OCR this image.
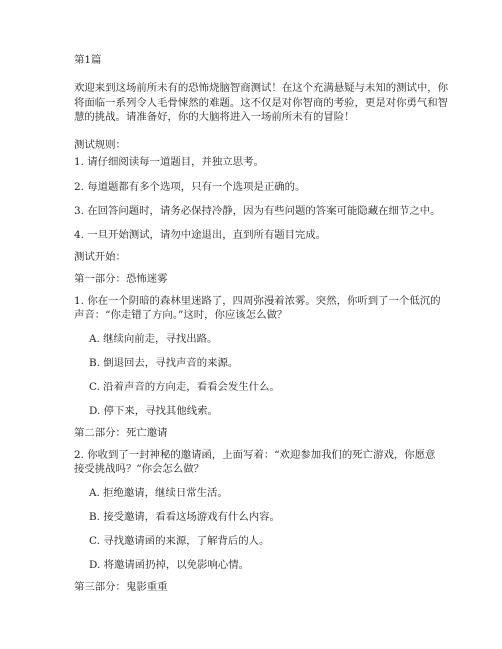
第1篇
欢迎来到这场前所未有的恐怖烧脑智商测试！在这个充满悬疑与未知的测试中，你
将面临一系列令人毛骨悚然的难题。这不仅是对你智商的考验，更是对你勇气和智
慧的挑战。请准备好，你的大脑将进入一场前所未有的冒险！
测试规则：
1. 请仔细阅读每一道题目，并独立思考。
2. 每道题都有多个选项，只有一个选项是正确的。
3. 在回答问题时，请务必保持冷静，因为有些问题的答案可能隐藏在细节之中。
4. 一旦开始测试，请勿中途退出，直到所有题目完成。
测试开始：
第一部分：恐怖迷雾
1. 你在一个阴暗的森林里迷路了，四周弥漫着浓雾。突然，你听到了一个低沉的
声音：“你走错了方向。”这时，你应该怎么做？
A. 继续向前走，寻找出路。
B. 倒退回去，寻找声音的来源。
C. 沿着声音的方向走，看看会发生什么。
D. 停下来，寻找其他线索。
第二部分：死亡邀请
2. 你收到了一封神秘的邀请函，上面写着：“欢迎参加我们的死亡游戏，你愿意
接受挑战吗？”你会怎么做？
A. 拒绝邀请，继续日常生活。
B. 接受邀请，看看这场游戏有什么内容。
C. 寻找邀请函的来源，了解背后的人。
D. 将邀请函扔掉，以免影响心情。
第三部分：鬼影重重
